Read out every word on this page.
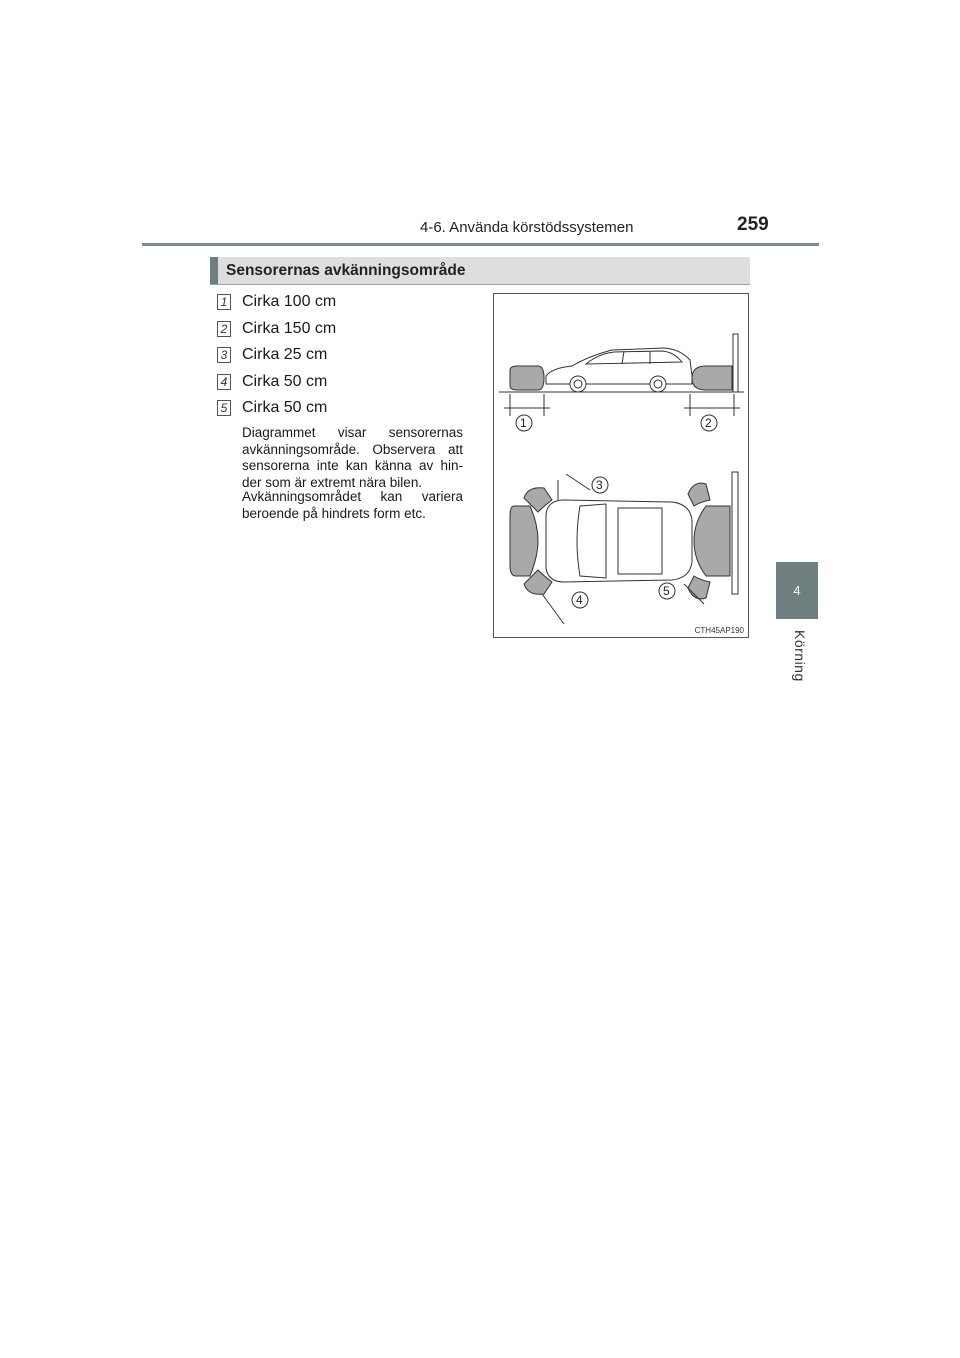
4-6. Använda körstödssystemen	259
4
Körning
Sensorernas avkänningsområde
1 Cirka 100 cm
2 Cirka 150 cm
3 Cirka 25 cm
4 Cirka 50 cm
5 Cirka 50 cm
Diagrammet visar sensorernas avkänningsområde. Observera att sensorerna inte kan känna av hin-der som är extremt nära bilen.
Avkänningsområdet kan variera beroende på hindrets form etc.
1	2
3
4
5
CTH45AP190
